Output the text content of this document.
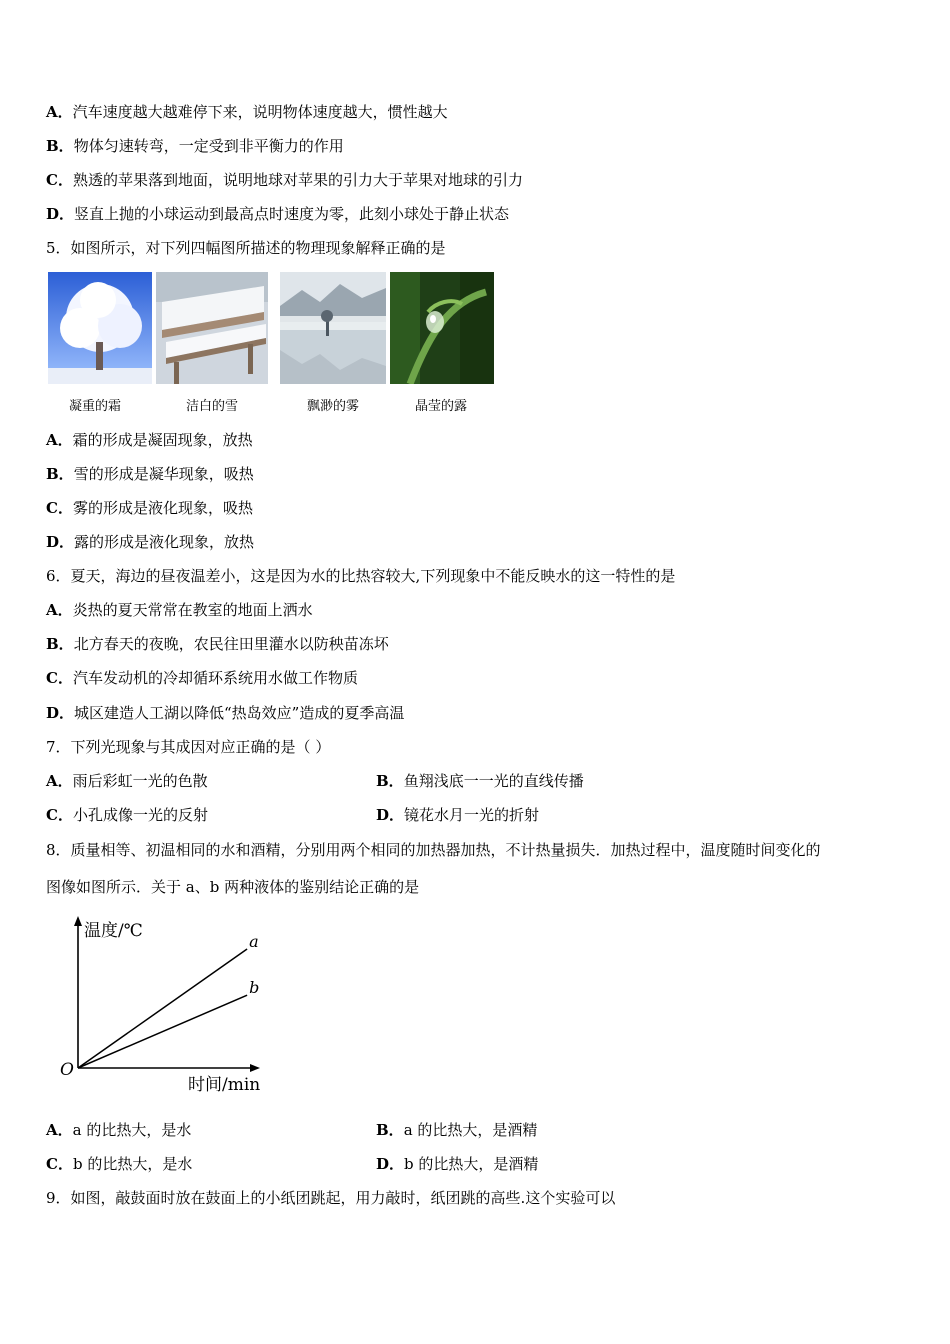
A．汽车速度越大越难停下来，说明物体速度越大，惯性越大
B．物体匀速转弯，一定受到非平衡力的作用
C．熟透的苹果落到地面，说明地球对苹果的引力大于苹果对地球的引力
D．竖直上抛的小球运动到最高点时速度为零，此刻小球处于静止状态
5．如图所示，对下列四幅图所描述的物理现象解释正确的是
凝重的霜	洁白的雪	飘渺的雾	晶莹的露
A．霜的形成是凝固现象，放热
B．雪的形成是凝华现象，吸热
C．雾的形成是液化现象，吸热
D．露的形成是液化现象，放热
6．夏天，海边的昼夜温差小，这是因为水的比热容较大,下列现象中不能反映水的这一特性的是
A．炎热的夏天常常在教室的地面上洒水
B．北方春天的夜晚，农民往田里灌水以防秧苗冻坏
C．汽车发动机的冷却循环系统用水做工作物质
D．城区建造人工湖以降低“热岛效应”造成的夏季高温
7．下列光现象与其成因对应正确的是（ ）
A．雨后彩虹一光的色散	B．鱼翔浅底一一光的直线传播
C．小孔成像一光的反射	D．镜花水月一光的折射
8．质量相等、初温相同的水和酒精，分别用两个相同的加热器加热，不计热量损失．加热过程中，温度随时间变化的
图像如图所示．关于 a、b 两种液体的鉴别结论正确的是
a
b
温度/℃
时间/min
O
A．a 的比热大，是水	B．a 的比热大，是酒精
C．b 的比热大，是水	D．b 的比热大，是酒精
9．如图，敲鼓面时放在鼓面上的小纸团跳起，用力敲时，纸团跳的高些.这个实验可以
